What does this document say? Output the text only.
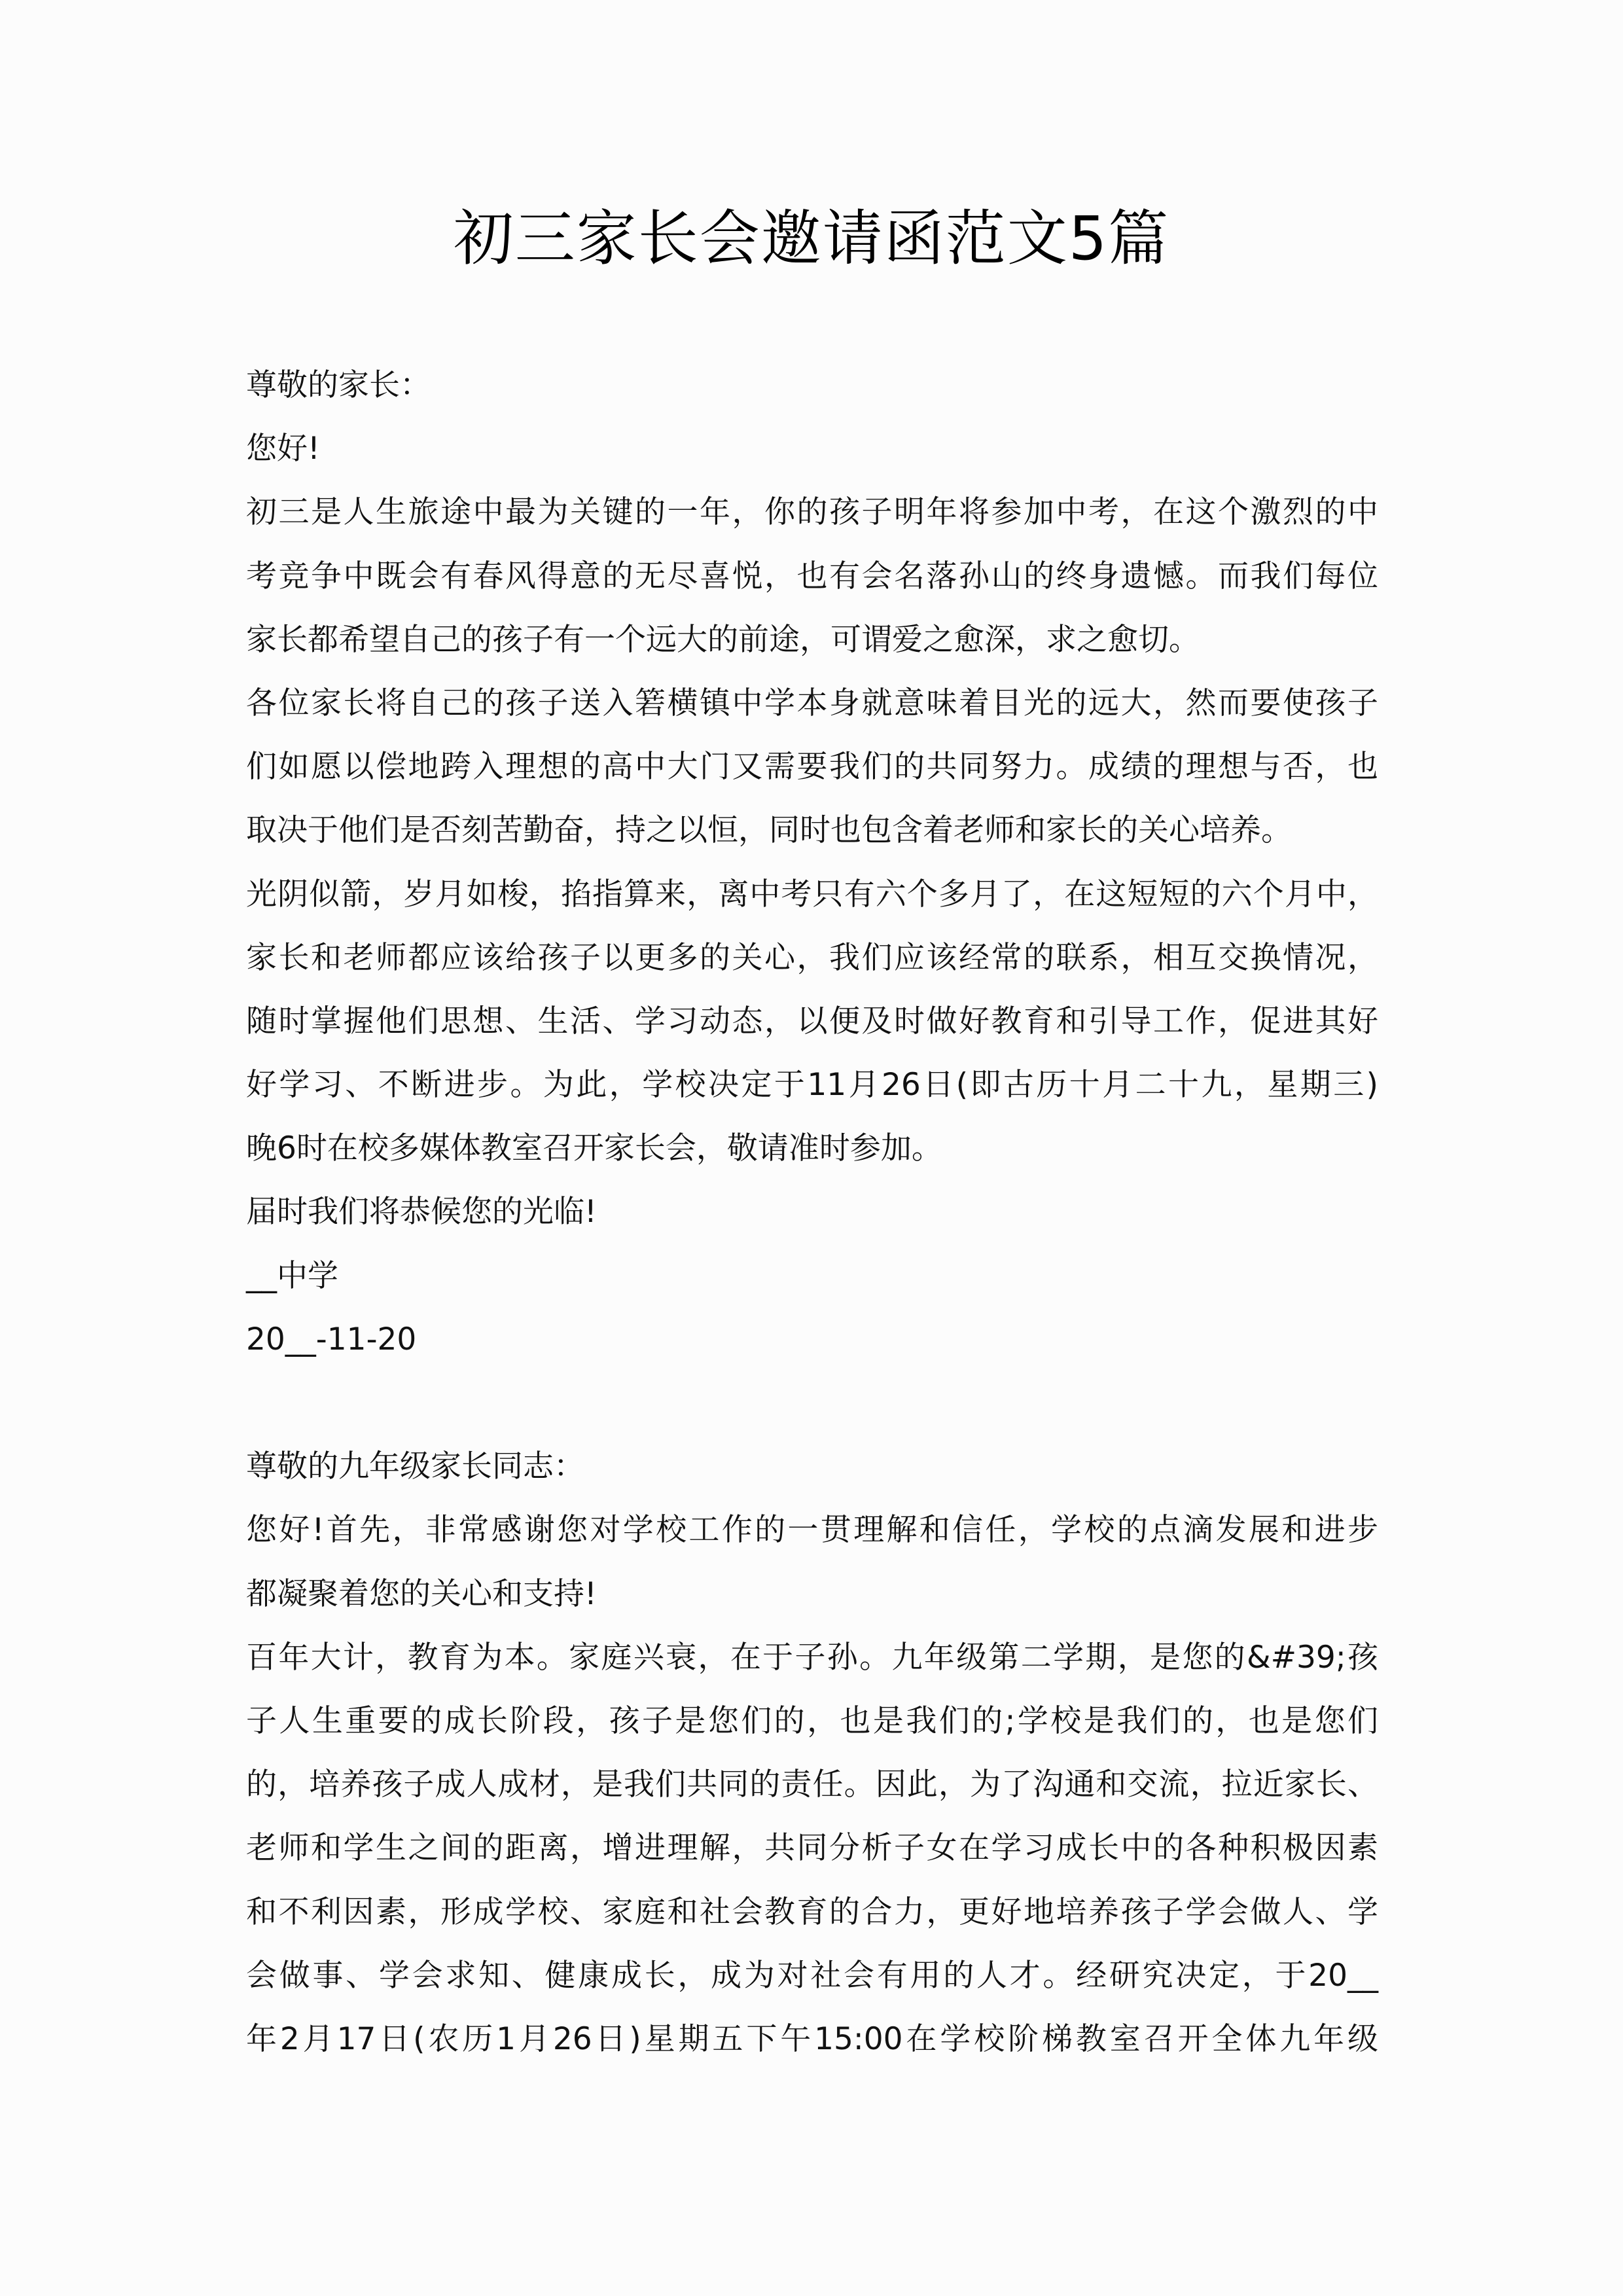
初三家长会邀请函范文5篇
尊敬的家长：
您好!
初三是人生旅途中最为关键的一年，你的孩子明年将参加中考，在这个激烈的中
考竞争中既会有春风得意的无尽喜悦，也有会名落孙山的终身遗憾。而我们每位
家长都希望自己的孩子有一个远大的前途，可谓爱之愈深，求之愈切。
各位家长将自己的孩子送入箬横镇中学本身就意味着目光的远大，然而要使孩子
们如愿以偿地跨入理想的高中大门又需要我们的共同努力。成绩的理想与否，也
取决于他们是否刻苦勤奋，持之以恒，同时也包含着老师和家长的关心培养。
光阴似箭，岁月如梭，掐指算来，离中考只有六个多月了，在这短短的六个月中，
家长和老师都应该给孩子以更多的关心，我们应该经常的联系，相互交换情况，
随时掌握他们思想、生活、学习动态，以便及时做好教育和引导工作，促进其好
好学习、不断进步。为此，学校决定于11月26日(即古历十月二十九，星期三)
晚6时在校多媒体教室召开家长会，敬请准时参加。
届时我们将恭候您的光临!
__中学
20__-11-20
尊敬的九年级家长同志：
您好!首先，非常感谢您对学校工作的一贯理解和信任，学校的点滴发展和进步
都凝聚着您的关心和支持!
百年大计，教育为本。家庭兴衰，在于子孙。九年级第二学期，是您的&#39;孩
子人生重要的成长阶段，孩子是您们的，也是我们的;学校是我们的，也是您们
的，培养孩子成人成材，是我们共同的责任。因此，为了沟通和交流，拉近家长、
老师和学生之间的距离，增进理解，共同分析子女在学习成长中的各种积极因素
和不利因素，形成学校、家庭和社会教育的合力，更好地培养孩子学会做人、学
会做事、学会求知、健康成长，成为对社会有用的人才。经研究决定，于20__
年2月17日(农历1月26日)星期五下午15:00在学校阶梯教室召开全体九年级
